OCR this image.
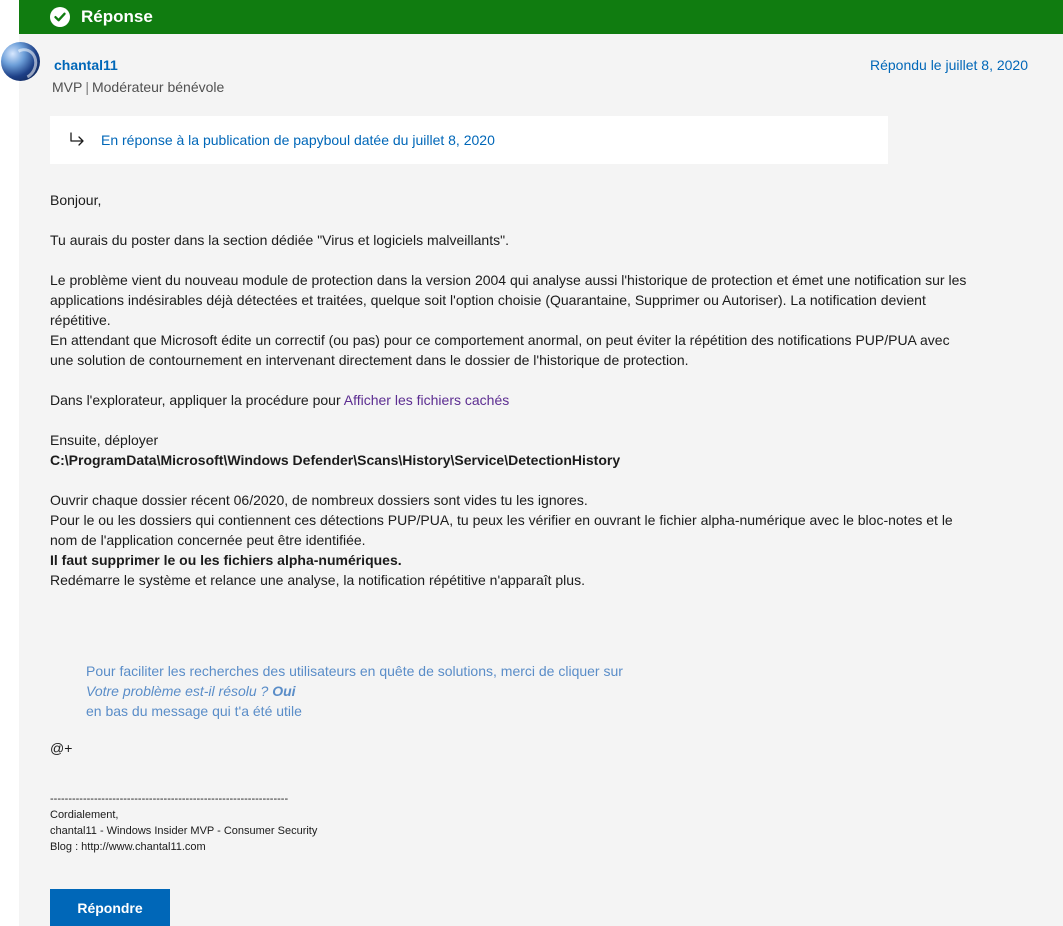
Réponse
chantal11
MVP | Modérateur bénévole
Répondu le juillet 8, 2020
En réponse à la publication de papyboul datée du juillet 8, 2020

Bonjour,

Tu aurais du poster dans la section dédiée "Virus et logiciels malveillants".

Le problème vient du nouveau module de protection dans la version 2004 qui analyse aussi l'historique de protection et émet une notification sur les

applications indésirables déjà détectées et traitées, quelque soit l'option choisie (Quarantaine, Supprimer ou Autoriser). La notification devient

répétitive.

En attendant que Microsoft édite un correctif (ou pas) pour ce comportement anormal, on peut éviter la répétition des notifications PUP/PUA avec

une solution de contournement en intervenant directement dans le dossier de l'historique de protection.

Dans l'explorateur, appliquer la procédure pour Afficher les fichiers cachés

Ensuite, déployer

C:\ProgramData\Microsoft\Windows Defender\Scans\History\Service\DetectionHistory

Ouvrir chaque dossier récent 06/2020, de nombreux dossiers sont vides tu les ignores.

Pour le ou les dossiers qui contiennent ces détections PUP/PUA, tu peux les vérifier en ouvrant le fichier alpha-numérique avec le bloc-notes et le

nom de l'application concernée peut être identifiée.

Il faut supprimer le ou les fichiers alpha-numériques.

Redémarre le système et relance une analyse, la notification répétitive n'apparaît plus.

Pour faciliter les recherches des utilisateurs en quête de solutions, merci de cliquer sur
Votre problème est-il résolu ? Oui
en bas du message qui t'a été utile
@+
-----------------------------------------------------------------
Cordialement,
chantal11 - Windows Insider MVP - Consumer Security
Blog : http://www.chantal11.com
Répondre
